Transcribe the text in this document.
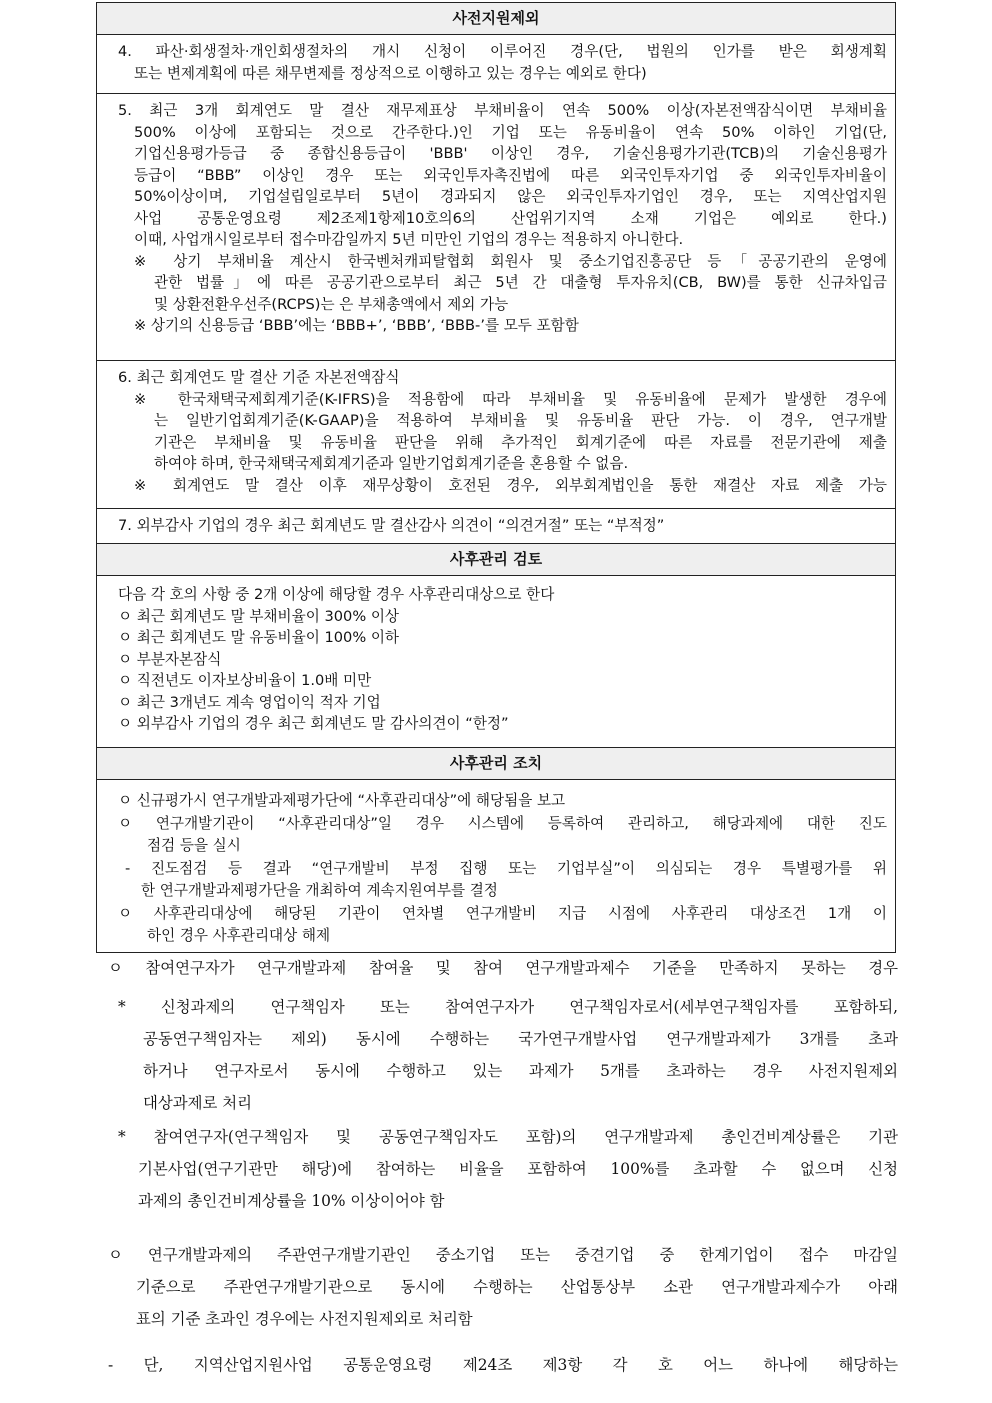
사전지원제외

4. 파산·회생절차·개인회생절차의 개시 신청이 이루어진 경우(단, 법원의 인가를 받은 회생계획
또는 변제계획에 따른 채무변제를 정상적으로 이행하고 있는 경우는 예외로 한다)

5. 최근 3개 회계연도 말 결산 재무제표상 부채비율이 연속 500% 이상(자본전액잠식이면 부채비율
500% 이상에 포함되는 것으로 간주한다.)인 기업 또는 유동비율이 연속 50% 이하인 기업(단,
기업신용평가등급 중 종합신용등급이 'BBB' 이상인 경우, 기술신용평가기관(TCB)의 기술신용평가
등급이 “BBB” 이상인 경우 또는 외국인투자촉진법에 따른 외국인투자기업 중 외국인투자비율이
50%이상이며, 기업설립일로부터 5년이 경과되지 않은 외국인투자기업인 경우, 또는 지역산업지원
사업 공통운영요령 제2조제1항제10호의6의 산업위기지역 소재 기업은 예외로 한다.)
이때, 사업개시일로부터 접수마감일까지 5년 미만인 기업의 경우는 적용하지 아니한다.
※ 상기 부채비율 계산시 한국벤처캐피탈협회 회원사 및 중소기업진흥공단 등「공공기관의 운영에
관한 법률」에 따른 공공기관으로부터 최근 5년 간 대출형 투자유치(CB, BW)를 통한 신규차입금
및 상환전환우선주(RCPS)는 은 부채총액에서 제외 가능
※ 상기의 신용등급 ‘BBB’에는 ‘BBB+’, ‘BBB’, ‘BBB-’를 모두 포함함

6. 최근 회계연도 말 결산 기준 자본전액잠식
※ 한국채택국제회계기준(K-IFRS)을 적용함에 따라 부채비율 및 유동비율에 문제가 발생한 경우에
는 일반기업회계기준(K-GAAP)을 적용하여 부채비율 및 유동비율 판단 가능. 이 경우, 연구개발
기관은 부채비율 및 유동비율 판단을 위해 추가적인 회계기준에 따른 자료를 전문기관에 제출
하여야 하며, 한국채택국제회계기준과 일반기업회계기준을 혼용할 수 없음.
※ 회계연도 말 결산 이후 재무상황이 호전된 경우, 외부회계법인을 통한 재결산 자료 제출 가능

7. 외부감사 기업의 경우 최근 회계년도 말 결산감사 의견이 “의견거절” 또는 “부적정”

사후관리 검토

다음 각 호의 사항 중 2개 이상에 해당할 경우 사후관리대상으로 한다
ㅇ 최근 회계년도 말 부채비율이 300% 이상
ㅇ 최근 회계년도 말 유동비율이 100% 이하
ㅇ 부분자본잠식
ㅇ 직전년도 이자보상비율이 1.0배 미만
ㅇ 최근 3개년도 계속 영업이익 적자 기업
ㅇ 외부감사 기업의 경우 최근 회계년도 말 감사의견이 “한정”

사후관리 조치

ㅇ 신규평가시 연구개발과제평가단에 “사후관리대상”에 해당됨을 보고
ㅇ 연구개발기관이 “사후관리대상”일 경우 시스템에 등록하여 관리하고, 해당과제에 대한 진도
점검 등을 실시
- 진도점검 등 결과 “연구개발비 부정 집행 또는 기업부실”이 의심되는 경우 특별평가를 위
한 연구개발과제평가단을 개최하여 계속지원여부를 결정
ㅇ 사후관리대상에 해당된 기관이 연차별 연구개발비 지급 시점에 사후관리 대상조건 1개 이
하인 경우 사후관리대상 해제
ㅇ 참여연구자가 연구개발과제 참여율 및 참여 연구개발과제수 기준을 만족하지 못하는 경우
* 신청과제의 연구책임자 또는 참여연구자가 연구책임자로서(세부연구책임자를 포함하되,
공동연구책임자는 제외) 동시에 수행하는 국가연구개발사업 연구개발과제가 3개를 초과
하거나 연구자로서 동시에 수행하고 있는 과제가 5개를 초과하는 경우 사전지원제외
대상과제로 처리
* 참여연구자(연구책임자 및 공동연구책임자도 포함)의 연구개발과제 총인건비계상률은 기관
기본사업(연구기관만 해당)에 참여하는 비율을 포함하여 100%를 초과할 수 없으며 신청
과제의 총인건비계상률을 10% 이상이어야 함
ㅇ 연구개발과제의 주관연구개발기관인 중소기업 또는 중견기업 중 한계기업이 접수 마감일
기준으로 주관연구개발기관으로 동시에 수행하는 산업통상부 소관 연구개발과제수가 아래
표의 기준 초과인 경우에는 사전지원제외로 처리함
- 단, 지역산업지원사업 공통운영요령 제24조 제3항 각 호 어느 하나에 해당하는
